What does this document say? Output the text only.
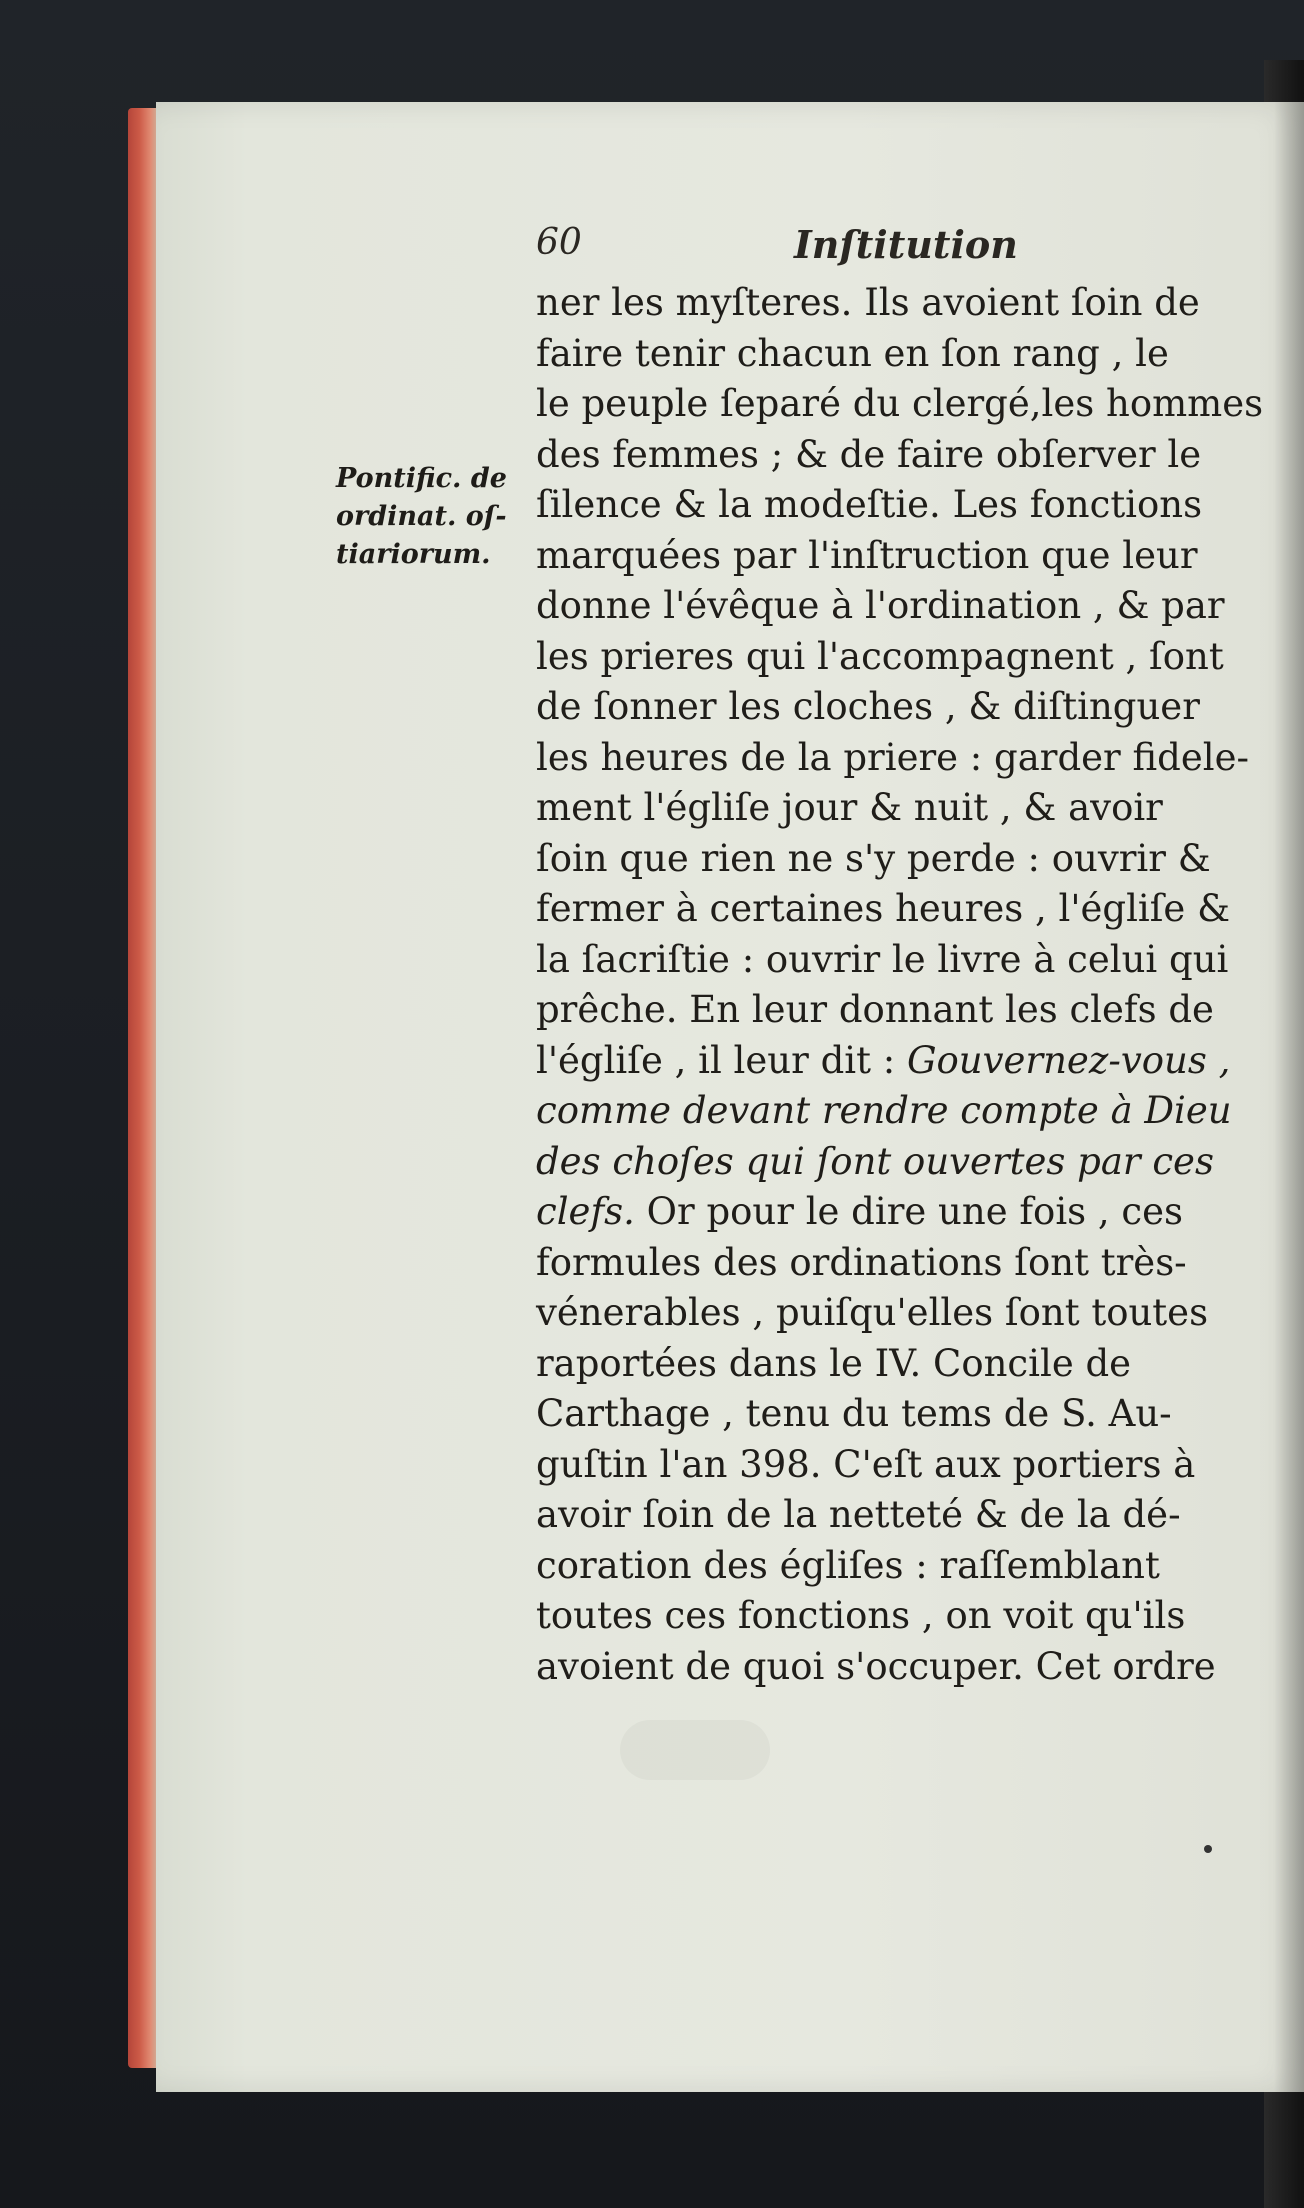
60	Inſtitution
Pontific. de
ordinat. oſ-
tiariorum.
ner les myſteres. Ils avoient ſoin de
faire tenir chacun en ſon rang , le
le peuple ſeparé du clergé,les hommes
des femmes ; & de faire obſerver le
ſilence & la modeſtie. Les fonctions
marquées par l'inſtruction que leur
donne l'évêque à l'ordination , & par
les prieres qui l'accompagnent , ſont
de ſonner les cloches , & diſtinguer
les heures de la priere : garder fidele-
ment l'égliſe jour & nuit , & avoir
ſoin que rien ne s'y perde : ouvrir &
fermer à certaines heures , l'égliſe &
la ſacriſtie : ouvrir le livre à celui qui
prêche. En leur donnant les clefs de
l'égliſe , il leur dit : Gouvernez-vous ,
comme devant rendre compte à Dieu
des choſes qui ſont ouvertes par ces
clefs. Or pour le dire une fois , ces
formules des ordinations ſont très-
vénerables , puiſqu'elles ſont toutes
raportées dans le IV. Concile de
Carthage , tenu du tems de S. Au-
guſtin l'an 398. C'eſt aux portiers à
avoir ſoin de la netteté & de la dé-
coration des égliſes : raſſemblant
toutes ces fonctions , on voit qu'ils
avoient de quoi s'occuper. Cet ordre
